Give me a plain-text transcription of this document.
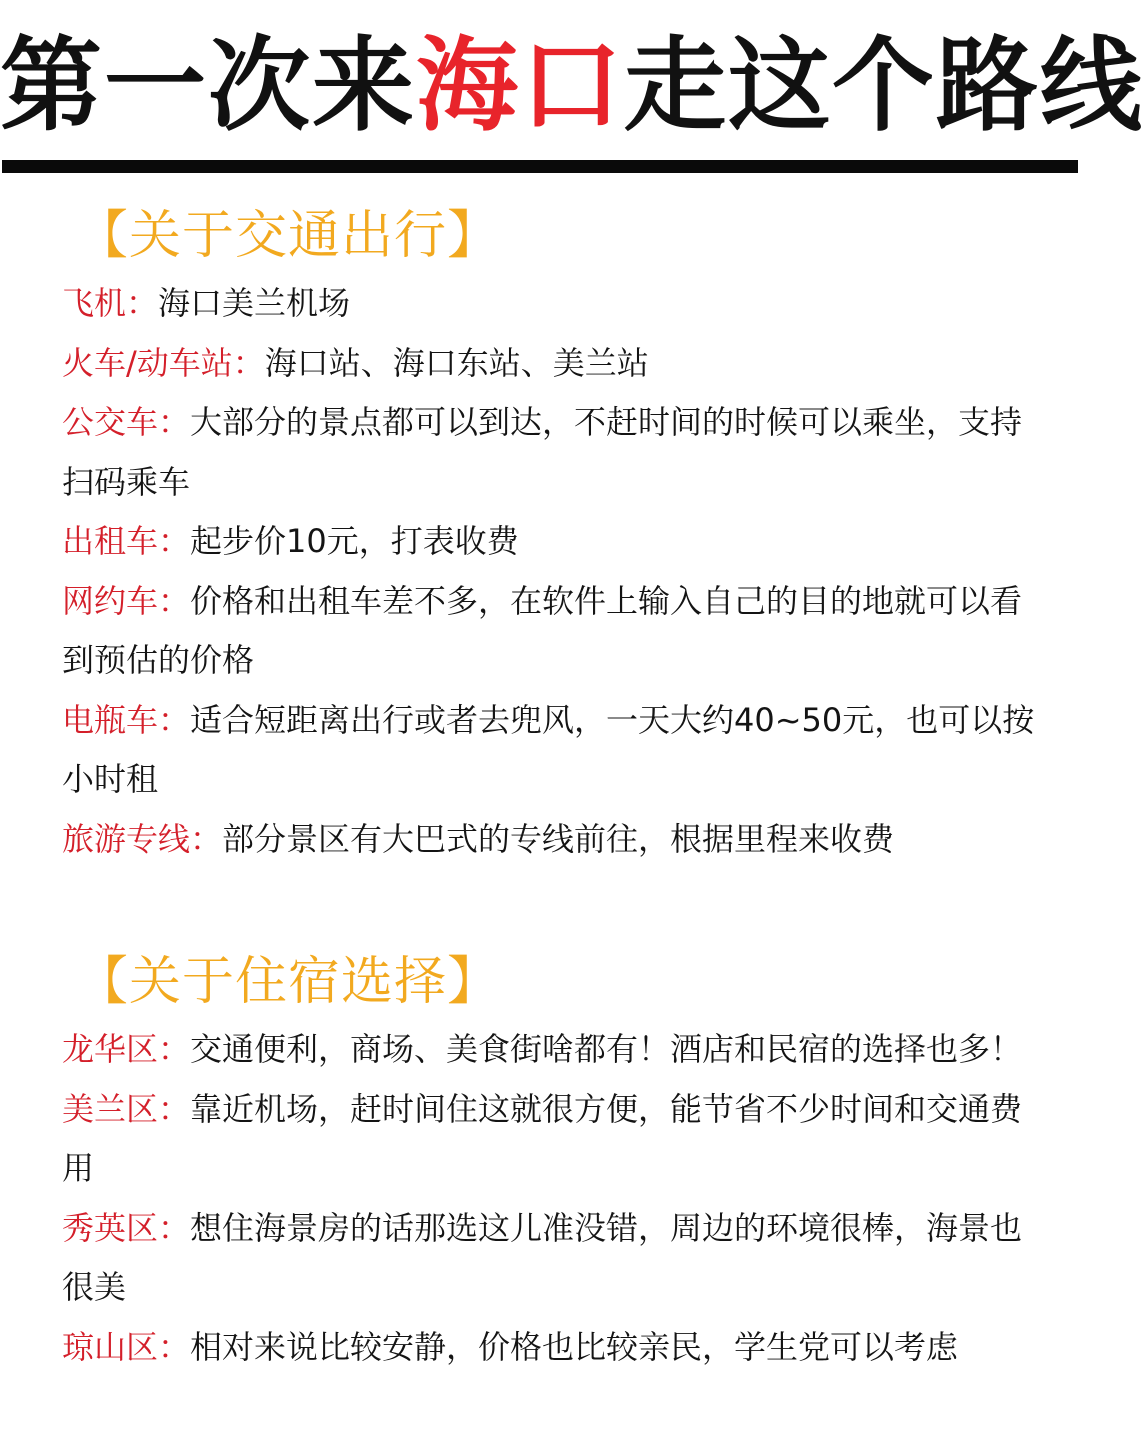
第一次来海口走这个路线
【关于交通出行】
飞机：海口美兰机场
火车/动车站：海口站、海口东站、美兰站
公交车：大部分的景点都可以到达，不赶时间的时候可以乘坐，支持扫码乘车
出租车：起步价10元，打表收费
网约车：价格和出租车差不多，在软件上输入自己的目的地就可以看到预估的价格
电瓶车：适合短距离出行或者去兜风，一天大约40~50元，也可以按小时租
旅游专线：部分景区有大巴式的专线前往，根据里程来收费
【关于住宿选择】
龙华区：交通便利，商场、美食街啥都有！酒店和民宿的选择也多！
美兰区：靠近机场，赶时间住这就很方便，能节省不少时间和交通费用
秀英区：想住海景房的话那选这儿准没错，周边的环境很棒，海景也很美
琼山区：相对来说比较安静，价格也比较亲民，学生党可以考虑
